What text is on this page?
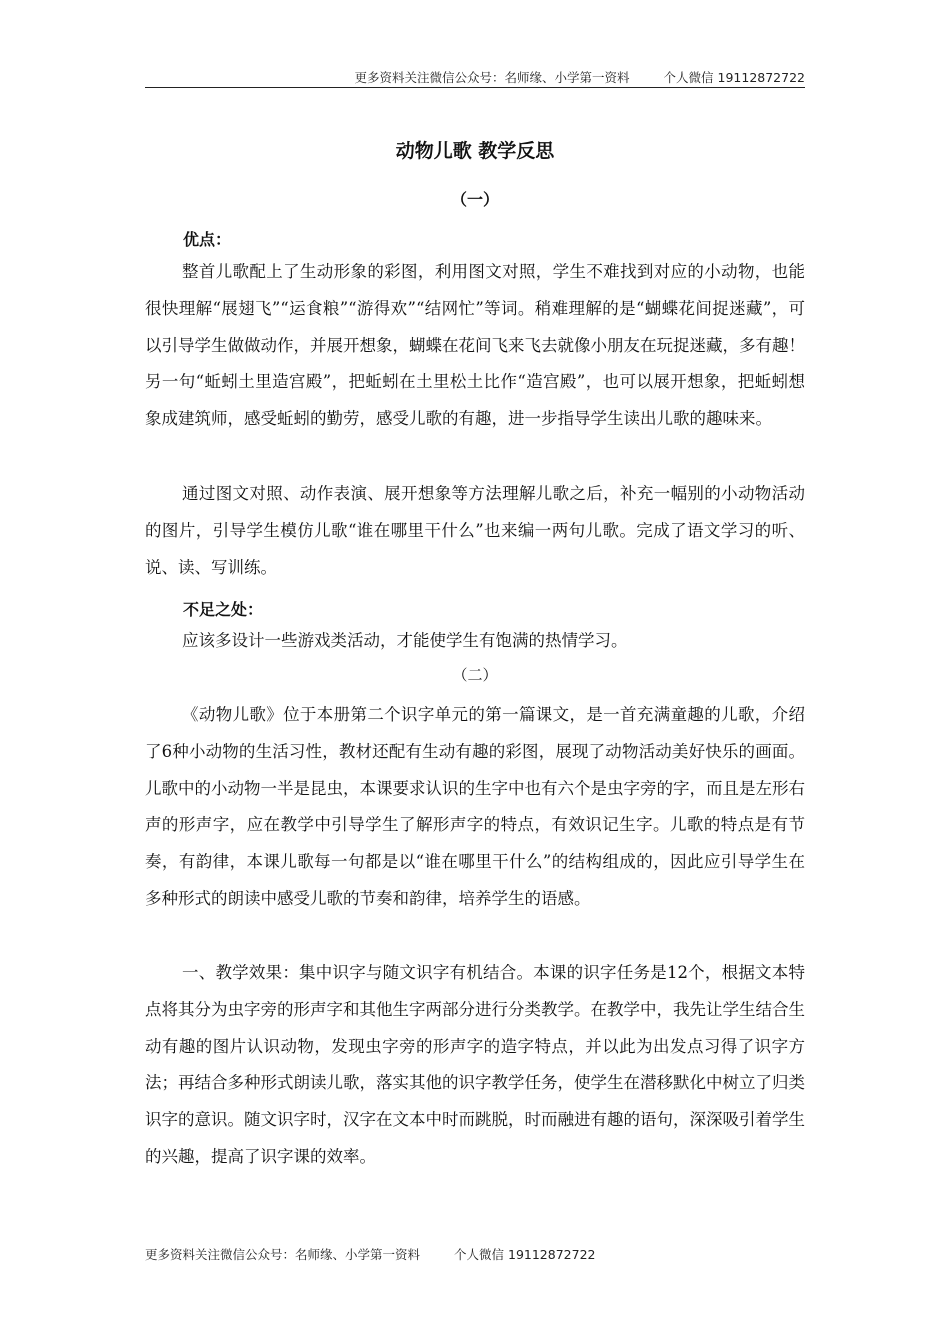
更多资料关注微信公众号：名师缘、小学第一资料	个人微信 19112872722
动物儿歌 教学反思
（一）
优点：

整首儿歌配上了生动形象的彩图，利用图文对照，学生不难找到对应的小动物，也能很快理解“展翅飞”“运食粮”“游得欢”“结网忙”等词。稍难理解的是“蝴蝶花间捉迷藏”，可以引导学生做做动作，并展开想象，蝴蝶在花间飞来飞去就像小朋友在玩捉迷藏，多有趣！另一句“蚯蚓土里造宫殿”，把蚯蚓在土里松土比作“造宫殿”，也可以展开想象，把蚯蚓想象成建筑师，感受蚯蚓的勤劳，感受儿歌的有趣，进一步指导学生读出儿歌的趣味来。

通过图文对照、动作表演、展开想象等方法理解儿歌之后，补充一幅别的小动物活动的图片，引导学生模仿儿歌“谁在哪里干什么”也来编一两句儿歌。完成了语文学习的听、说、读、写训练。

不足之处：

应该多设计一些游戏类活动，才能使学生有饱满的热情学习。

（二）

《动物儿歌》位于本册第二个识字单元的第一篇课文，是一首充满童趣的儿歌，介绍了6种小动物的生活习性，教材还配有生动有趣的彩图，展现了动物活动美好快乐的画面。儿歌中的小动物一半是昆虫，本课要求认识的生字中也有六个是虫字旁的字，而且是左形右声的形声字，应在教学中引导学生了解形声字的特点，有效识记生字。儿歌的特点是有节奏，有韵律，本课儿歌每一句都是以“谁在哪里干什么”的结构组成的，因此应引导学生在多种形式的朗读中感受儿歌的节奏和韵律，培养学生的语感。

一、教学效果：集中识字与随文识字有机结合。本课的识字任务是12个，根据文本特点将其分为虫字旁的形声字和其他生字两部分进行分类教学。在教学中，我先让学生结合生动有趣的图片认识动物，发现虫字旁的形声字的造字特点，并以此为出发点习得了识字方法；再结合多种形式朗读儿歌，落实其他的识字教学任务，使学生在潜移默化中树立了归类识字的意识。随文识字时，汉字在文本中时而跳脱，时而融进有趣的语句，深深吸引着学生的兴趣，提高了识字课的效率。

更多资料关注微信公众号：名师缘、小学第一资料	个人微信 19112872722
